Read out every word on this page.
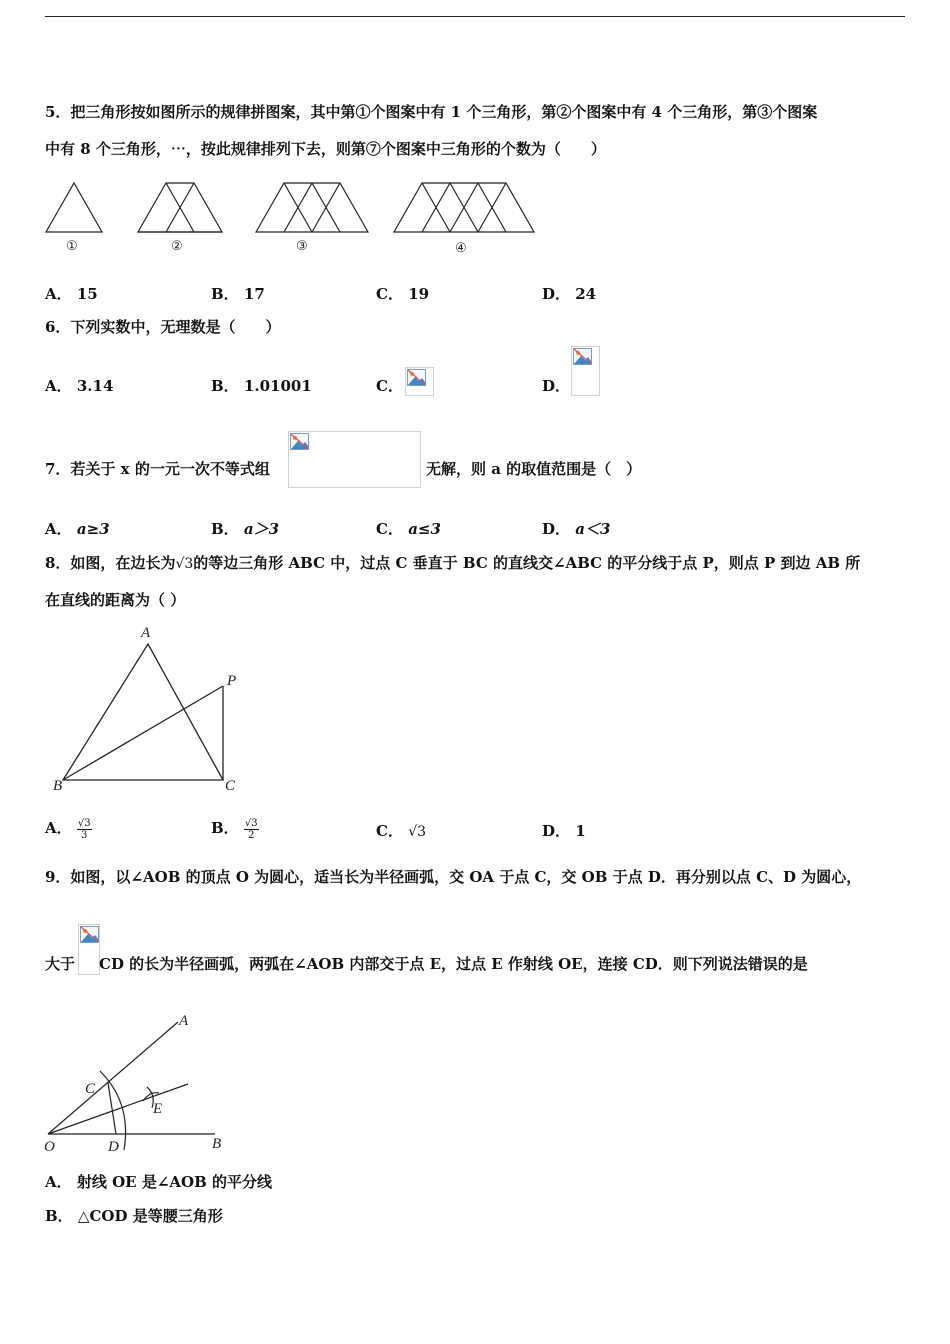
5．把三角形按如图所示的规律拼图案，其中第①个图案中有 1 个三角形，第②个图案中有 4 个三角形，第③个图案
中有 8 个三角形，⋯，按此规律排列下去，则第⑦个图案中三角形的个数为（　　）
①	②	③	④
A． 15	B． 17	C． 19	D． 24
6．下列实数中，无理数是（　　）
A． 3.14	B． 1.01001	C．	D．
7．若关于 x 的一元一次不等式组	无解，则 a 的取值范围是（　）
A． a≥3	B． a＞3	C． a≤3	D． a＜3
8．如图，在边长为√3的等边三角形 ABC 中，过点 C 垂直于 BC 的直线交∠ABC 的平分线于点 P，则点 P 到边 AB 所
在直线的距离为（ ）
A
B	C
P
A． $\frac{√3}{3}$	B． $\frac{√3}{2}$	C． √3	D． 1
9．如图，以∠AOB 的顶点 O 为圆心，适当长为半径画弧，交 OA 于点 C，交 OB 于点 D．再分别以点 C、D 为圆心，
大于 CD 的长为半径画弧，两弧在∠AOB 内部交于点 E，过点 E 作射线 OE，连接 CD．则下列说法错误的是
A
B
C
D
E
O
A． 射线 OE 是∠AOB 的平分线
B． △COD 是等腰三角形
